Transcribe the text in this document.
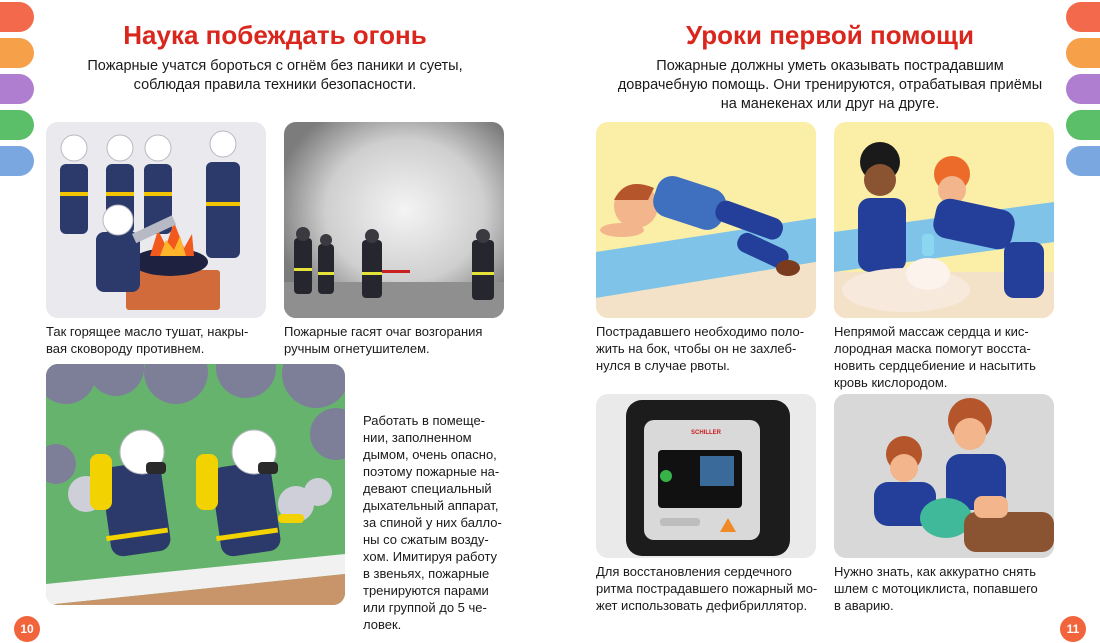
Наука побеждать огонь
Пожарные учатся бороться с огнём без паники и суеты,
соблюдая правила техники безопасности.
Так горящее масло тушат, накры-
вая сковороду противнем.
Пожарные гасят очаг возгорания
ручным огнетушителем.
Работать в помеще-
нии, заполненном
дымом, очень опасно,
поэтому пожарные на-
девают специальный
дыхательный аппарат,
за спиной у них балло-
ны со сжатым возду-
хом. Имитируя работу
в звеньях, пожарные
тренируются парами
или группой до 5 че-
ловек.
10
Уроки первой помощи
Пожарные должны уметь оказывать пострадавшим
доврачебную помощь. Они тренируются, отрабатывая приёмы
на манекенах или друг на друге.
Пострадавшего необходимо поло-
жить на бок, чтобы он не захлеб-
нулся в случае рвоты.
Непрямой массаж сердца и кис-
лородная маска помогут восста-
новить сердцебиение и насытить
кровь кислородом.
SCHILLER
Для восстановления сердечного
ритма пострадавшего пожарный мо-
жет использовать дефибриллятор.
Нужно знать, как аккуратно снять
шлем с мотоциклиста, попавшего
в аварию.
11
